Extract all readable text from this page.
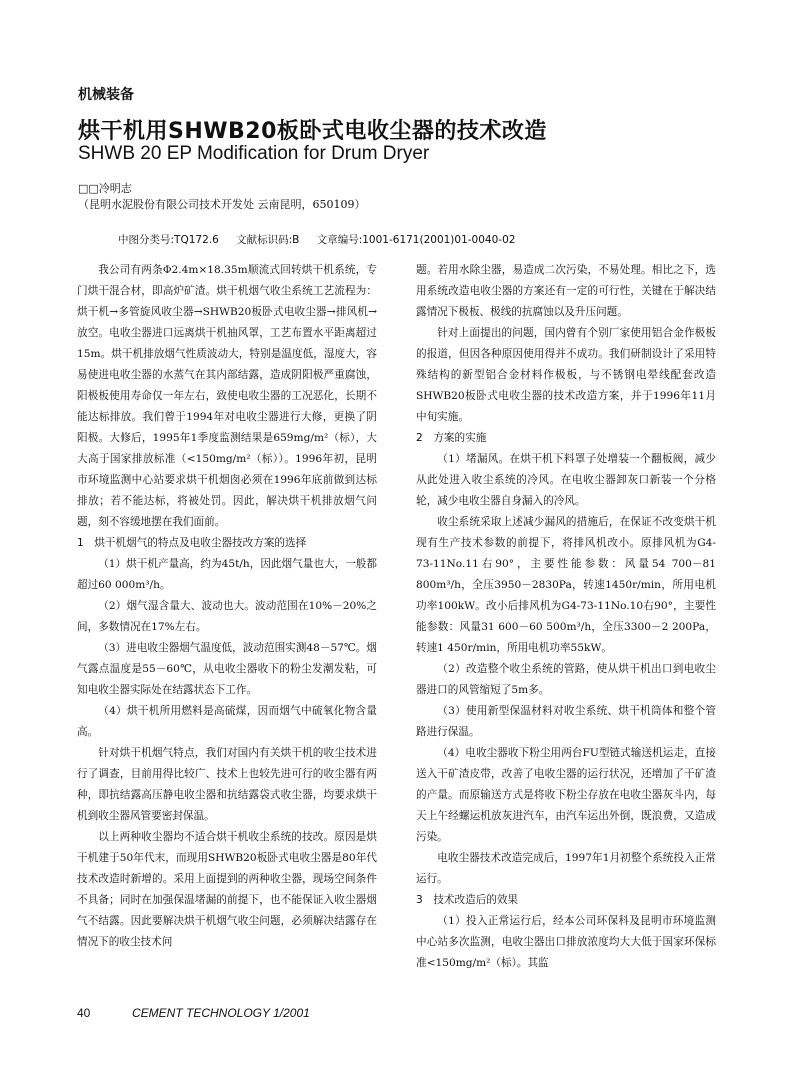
机械装备
烘干机用SHWB20板卧式电收尘器的技术改造
SHWB 20 EP Modification for Drum Dryer
□□冷明志
（昆明水泥股份有限公司技术开发处 云南昆明，650109）
中图分类号:TQ172.6 文献标识码:B 文章编号:1001-6171(2001)01-0040-02

我公司有两条Φ2.4m×18.35m顺流式回转烘干机系统，专门烘干混合材，即高炉矿渣。烘干机烟气收尘系统工艺流程为：烘干机→多管旋风收尘器→SHWB20板卧式电收尘器→排风机→放空。电收尘器进口远离烘干机抽风罩，工艺布置水平距离超过15m。烘干机排放烟气性质波动大，特别是温度低，湿度大，容易使进电收尘器的水蒸气在其内部结露，造成阴阳极严重腐蚀，阳极板使用寿命仅一年左右，致使电收尘器的工况恶化，长期不能达标排放。我们曾于1994年对电收尘器进行大修，更换了阴阳极。大修后，1995年1季度监测结果是659mg/m²（标），大大高于国家排放标准（<150mg/m²（标））。1996年初，昆明市环境监测中心站要求烘干机烟囱必须在1996年底前做到达标排放；若不能达标，将被处罚。因此，解决烘干机排放烟气问题，刻不容缓地摆在我们面前。

1　烘干机烟气的特点及电收尘器技改方案的选择

（1）烘干机产量高，约为45t/h，因此烟气量也大，一般都超过60 000m³/h。

（2）烟气湿含量大、波动也大。波动范围在10%－20%之间，多数情况在17%左右。

（3）进电收尘器烟气温度低，波动范围实测48－57℃。烟气露点温度是55－60℃，从电收尘器收下的粉尘发潮发粘，可知电收尘器实际处在结露状态下工作。

（4）烘干机所用燃料是高硫煤，因而烟气中硫氧化物含量高。

针对烘干机烟气特点，我们对国内有关烘干机的收尘技术进行了调查，目前用得比较广、技术上也较先进可行的收尘器有两种，即抗结露高压静电收尘器和抗结露袋式收尘器，均要求烘干机到收尘器风管要密封保温。

以上两种收尘器均不适合烘干机收尘系统的技改。原因是烘干机建于50年代末，而现用SHWB20板卧式电收尘器是80年代技术改造时新增的。采用上面提到的两种收尘器，现场空间条件不具备；同时在加强保温堵漏的前提下，也不能保证入收尘器烟气不结露。因此要解决烘干机烟气收尘问题，必须解决结露存在情况下的收尘技术问

题。若用水除尘器，易造成二次污染，不易处理。相比之下，选用系统改造电收尘器的方案还有一定的可行性，关键在于解决结露情况下极板、极线的抗腐蚀以及升压问题。

针对上面提出的问题，国内曾有个别厂家使用铝合金作极板的报道，但因各种原因使用得并不成功。我们研制设计了采用特殊结构的新型铝合金材料作极板，与不锈钢电晕线配套改造SHWB20板卧式电收尘器的技术改造方案，并于1996年11月中旬实施。

2　方案的实施

（1）堵漏风。在烘干机下料罩子处增装一个翻板阀，减少从此处进入收尘系统的冷风。在电收尘器卸灰口新装一个分格轮，减少电收尘器自身漏入的冷风。

收尘系统采取上述减少漏风的措施后，在保证不改变烘干机现有生产技术参数的前提下，将排风机改小。原排风机为G4-73-11No.11右90°，主要性能参数：风量54 700－81 800m³/h，全压3950－2830Pa，转速1450r/min，所用电机功率100kW。改小后排风机为G4-73-11No.10右90°，主要性能参数：风量31 600－60 500m³/h，全压3300－2 200Pa，转速1 450r/min，所用电机功率55kW。

（2）改造整个收尘系统的管路，使从烘干机出口到电收尘器进口的风管缩短了5m多。

（3）使用新型保温材料对收尘系统、烘干机筒体和整个管路进行保温。

（4）电收尘器收下粉尘用两台FU型链式输送机运走，直接送入干矿渣皮带，改善了电收尘器的运行状况，还增加了干矿渣的产量。而原输送方式是将收下粉尘存放在电收尘器灰斗内，每天上午经螺运机放灰进汽车，由汽车运出外倒，既浪费，又造成污染。

电收尘器技术改造完成后，1997年1月初整个系统投入正常运行。

3　技术改造后的效果

（1）投入正常运行后，经本公司环保科及昆明市环境监测中心站多次监测，电收尘器出口排放浓度均大大低于国家环保标准<150mg/m²（标）。其监

40	CEMENT TECHNOLOGY 1/2001
